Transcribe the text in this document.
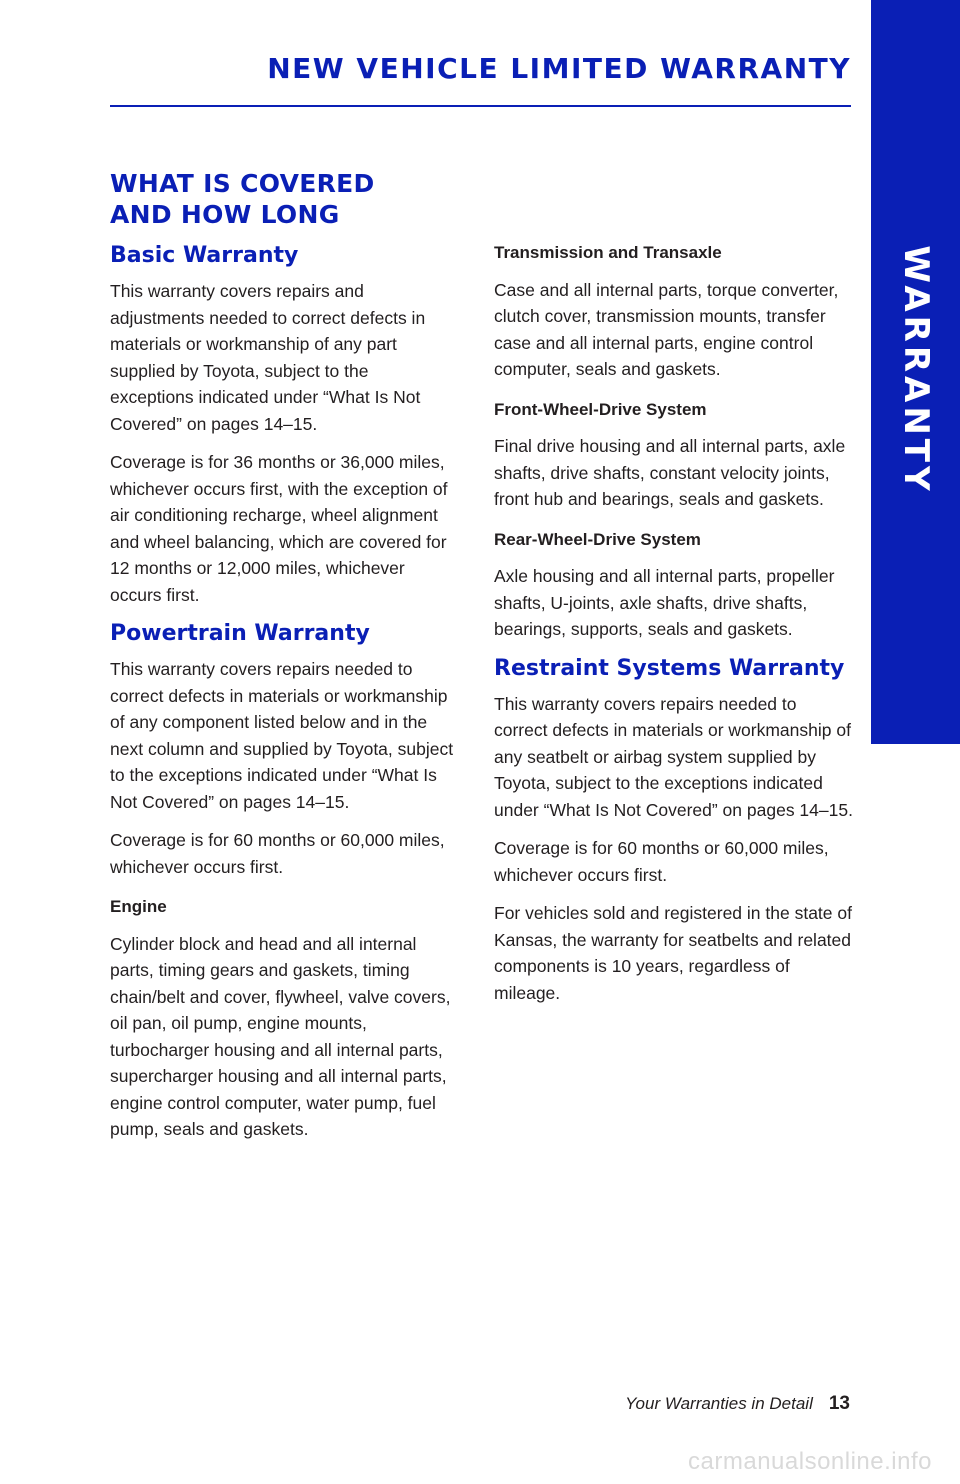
NEW VEHICLE LIMITED WARRANTY
WARRANTY
WHAT IS COVERED
AND HOW LONG
Basic Warranty

This warranty covers repairs and adjustments needed to correct defects in materials or workmanship of any part supplied by Toyota, subject to the exceptions indicated under “What Is Not Covered” on pages 14–15.

Coverage is for 36 months or 36,000 miles, whichever occurs first, with the exception of air conditioning recharge, wheel alignment and wheel balancing, which are covered for 12 months or 12,000 miles, whichever occurs first.

Powertrain Warranty

This warranty covers repairs needed to correct defects in materials or workmanship of any component listed below and in the next column and supplied by Toyota, subject to the exceptions indicated under “What Is Not Covered” on pages 14–15.

Coverage is for 60 months or 60,000 miles, whichever occurs first.

Engine

Cylinder block and head and all internal parts, timing gears and gaskets, timing chain/belt and cover, flywheel, valve covers, oil pan, oil pump, engine mounts, turbocharger housing and all internal parts, supercharger housing and all internal parts, engine control computer, water pump, fuel pump, seals and gaskets.

Transmission and Transaxle

Case and all internal parts, torque converter, clutch cover, transmission mounts, transfer case and all internal parts, engine control computer, seals and gaskets.

Front-Wheel-Drive System

Final drive housing and all internal parts, axle shafts, drive shafts, constant velocity joints, front hub and bearings, seals and gaskets.

Rear-Wheel-Drive System

Axle housing and all internal parts, propeller shafts, U-joints, axle shafts, drive shafts, bearings, supports, seals and gaskets.

Restraint Systems Warranty

This warranty covers repairs needed to correct defects in materials or workmanship of any seatbelt or airbag system supplied by Toyota, subject to the exceptions indicated under “What Is Not Covered” on pages 14–15.

Coverage is for 60 months or 60,000 miles, whichever occurs first.

For vehicles sold and registered in the state of Kansas, the warranty for seatbelts and related components is 10 years, regardless of mileage.

Your Warranties in Detail 13
carmanualsonline.info
